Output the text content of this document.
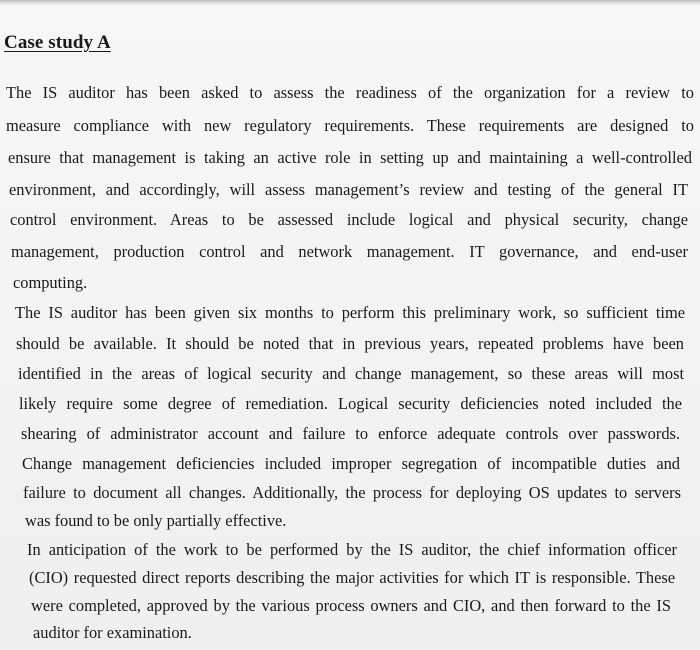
Case study A

The IS auditor has been asked to assess the readiness of the organization for a review to

measure compliance with new regulatory requirements. These requirements are designed to

ensure that management is taking an active role in setting up and maintaining a well-controlled

environment, and accordingly, will assess management’s review and testing of the general IT

control environment. Areas to be assessed include logical and physical security, change

management, production control and network management. IT governance, and end-user

computing.

The IS auditor has been given six months to perform this preliminary work, so sufficient time

should be available. It should be noted that in previous years, repeated problems have been

identified in the areas of logical security and change management, so these areas will most

likely require some degree of remediation. Logical security deficiencies noted included the

shearing of administrator account and failure to enforce adequate controls over passwords.

Change management deficiencies included improper segregation of incompatible duties and

failure to document all changes. Additionally, the process for deploying OS updates to servers

was found to be only partially effective.

In anticipation of the work to be performed by the IS auditor, the chief information officer

(CIO) requested direct reports describing the major activities for which IT is responsible. These

were completed, approved by the various process owners and CIO, and then forward to the IS

auditor for examination.
